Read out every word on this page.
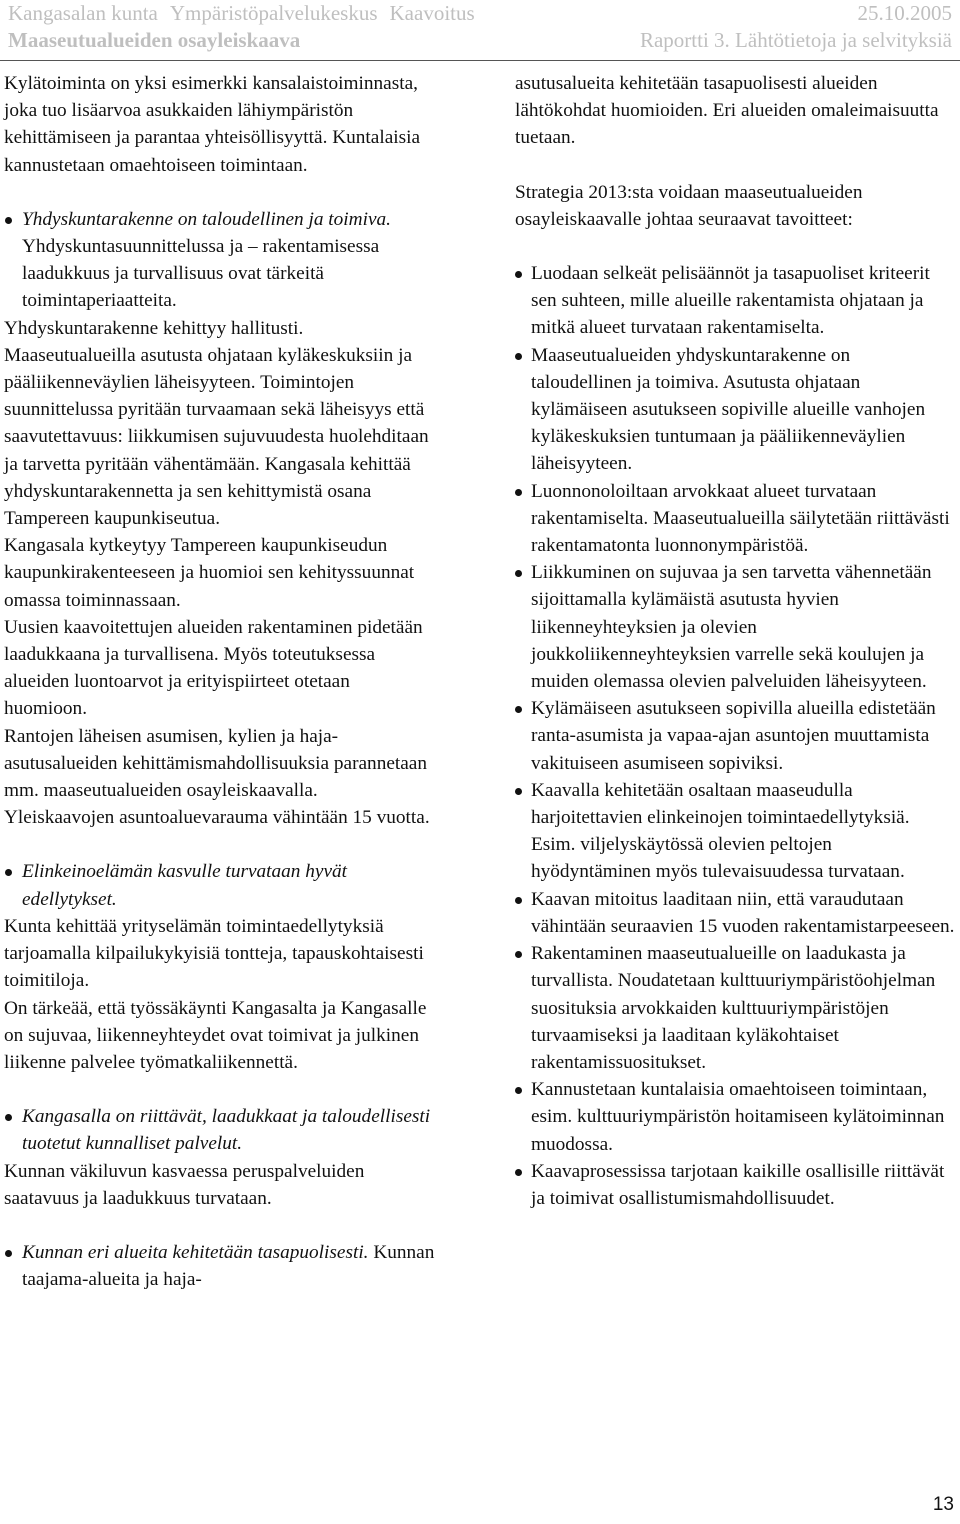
Kangasalan kunta Ympäristöpalvelukeskus Kaavoitus	25.10.2005
Maaseutualueiden osayleiskaava	Raportti 3. Lähtötietoja ja selvityksiä

Kylätoiminta on yksi esimerkki kansalaistoiminnasta, joka tuo lisäarvoa asukkaiden lähiympäristön kehittämiseen ja parantaa yhteisöllisyyttä. Kuntalaisia kannustetaan omaehtoiseen toimintaan.

Yhdyskuntarakenne on taloudellinen ja toimiva. Yhdyskuntasuunnittelussa ja – rakentamisessa laadukkuus ja turvallisuus ovat tärkeitä toimintaperiaatteita.

Yhdyskuntarakenne kehittyy hallitusti. Maaseutualueilla asutusta ohjataan kyläkeskuksiin ja pääliikenneväylien läheisyyteen. Toimintojen suunnittelussa pyritään turvaamaan sekä läheisyys että saavutettavuus: liikkumisen sujuvuudesta huolehditaan ja tarvetta pyritään vähentämään. Kangasala kehittää yhdyskuntarakennetta ja sen kehittymistä osana Tampereen kaupunkiseutua.

Kangasala kytkeytyy Tampereen kaupunkiseudun kaupunkirakenteeseen ja huomioi sen kehityssuunnat omassa toiminnassaan.

Uusien kaavoitettujen alueiden rakentaminen pidetään laadukkaana ja turvallisena. Myös toteutuksessa alueiden luontoarvot ja erityispiirteet otetaan huomioon.

Rantojen läheisen asumisen, kylien ja haja-asutusalueiden kehittämismahdollisuuksia parannetaan mm. maaseutualueiden osayleiskaavalla.

Yleiskaavojen asuntoaluevarauma vähintään 15 vuotta.

Elinkeinoelämän kasvulle turvataan hyvät edellytykset.

Kunta kehittää yrityselämän toimintaedellytyksiä tarjoamalla kilpailukykyisiä tontteja, tapauskohtaisesti toimitiloja.

On tärkeää, että työssäkäynti Kangasalta ja Kangasalle on sujuvaa, liikenneyhteydet ovat toimivat ja julkinen liikenne palvelee työmatkaliikennettä.

Kangasalla on riittävät, laadukkaat ja taloudellisesti tuotetut kunnalliset palvelut.

Kunnan väkiluvun kasvaessa peruspalveluiden saatavuus ja laadukkuus turvataan.

Kunnan eri alueita kehitetään tasapuolisesti. Kunnan taajama-alueita ja haja-

asutusalueita kehitetään tasapuolisesti alueiden lähtökohdat huomioiden. Eri alueiden omaleimaisuutta tuetaan.

Strategia 2013:sta voidaan maaseutualueiden osayleiskaavalle johtaa seuraavat tavoitteet:

Luodaan selkeät pelisäännöt ja tasapuoliset kriteerit sen suhteen, mille alueille rakentamista ohjataan ja mitkä alueet turvataan rakentamiselta.

Maaseutualueiden yhdyskuntarakenne on taloudellinen ja toimiva. Asutusta ohjataan kylämäiseen asutukseen sopiville alueille vanhojen kyläkeskuksien tuntumaan ja pääliikenneväylien läheisyyteen.

Luonnonoloiltaan arvokkaat alueet turvataan rakentamiselta. Maaseutualueilla säilytetään riittävästi rakentamatonta luonnonympäristöä.

Liikkuminen on sujuvaa ja sen tarvetta vähennetään sijoittamalla kylämäistä asutusta hyvien liikenneyhteyksien ja olevien joukkoliikenneyhteyksien varrelle sekä koulujen ja muiden olemassa olevien palveluiden läheisyyteen.

Kylämäiseen asutukseen sopivilla alueilla edistetään ranta-asumista ja vapaa-ajan asuntojen muuttamista vakituiseen asumiseen sopiviksi.

Kaavalla kehitetään osaltaan maaseudulla harjoitettavien elinkeinojen toimintaedellytyksiä. Esim. viljelyskäytössä olevien peltojen hyödyntäminen myös tulevaisuudessa turvataan.

Kaavan mitoitus laaditaan niin, että varaudutaan vähintään seuraavien 15 vuoden rakentamistarpeeseen.

Rakentaminen maaseutualueille on laadukasta ja turvallista. Noudatetaan kulttuuriympäristöohjelman suosituksia arvokkaiden kulttuuriympäristöjen turvaamiseksi ja laaditaan kyläkohtaiset rakentamissuositukset.

Kannustetaan kuntalaisia omaehtoiseen toimintaan, esim. kulttuuriympäristön hoitamiseen kylätoiminnan muodossa.

Kaavaprosessissa tarjotaan kaikille osallisille riittävät ja toimivat osallistumismahdollisuudet.

13
